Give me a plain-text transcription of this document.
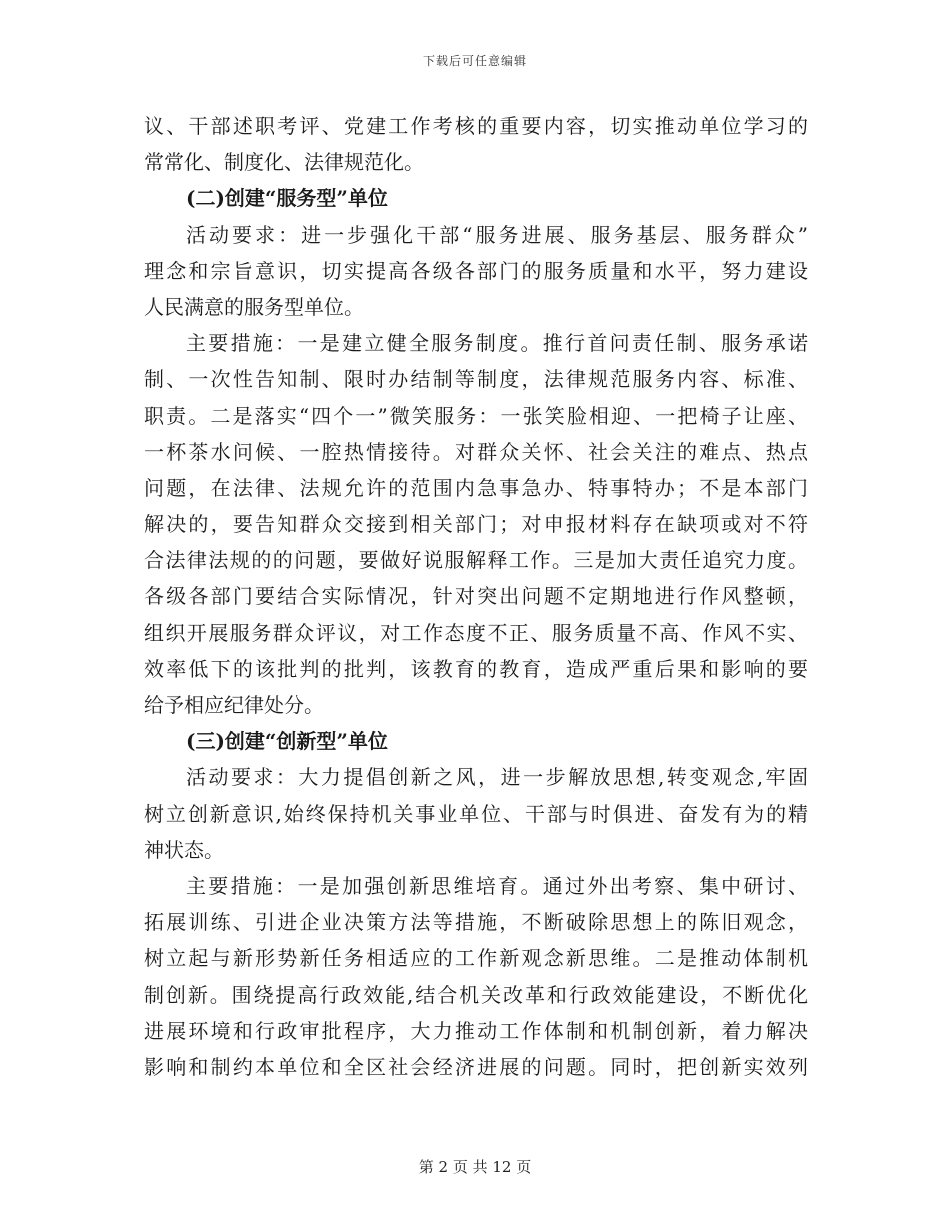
下载后可任意编辑
议、干部述职考评、党建工作考核的重要内容，切实推动单位学习的
常常化、制度化、法律规范化。
(二)创建“服务型”单位
活动要求：进一步强化干部“服务进展、服务基层、服务群众”
理念和宗旨意识，切实提高各级各部门的服务质量和水平，努力建设
人民满意的服务型单位。
主要措施：一是建立健全服务制度。推行首问责任制、服务承诺
制、一次性告知制、限时办结制等制度，法律规范服务内容、标准、
职责。二是落实“四个一”微笑服务：一张笑脸相迎、一把椅子让座、
一杯茶水问候、一腔热情接待。对群众关怀、社会关注的难点、热点
问题，在法律、法规允许的范围内急事急办、特事特办；不是本部门
解决的，要告知群众交接到相关部门；对申报材料存在缺项或对不符
合法律法规的的问题，要做好说服解释工作。三是加大责任追究力度。
各级各部门要结合实际情况，针对突出问题不定期地进行作风整顿，
组织开展服务群众评议，对工作态度不正、服务质量不高、作风不实、
效率低下的该批判的批判，该教育的教育，造成严重后果和影响的要
给予相应纪律处分。
(三)创建“创新型”单位
活动要求：大力提倡创新之风，进一步解放思想,转变观念,牢固
树立创新意识,始终保持机关事业单位、干部与时俱进、奋发有为的精
神状态。
主要措施：一是加强创新思维培育。通过外出考察、集中研讨、
拓展训练、引进企业决策方法等措施，不断破除思想上的陈旧观念，
树立起与新形势新任务相适应的工作新观念新思维。二是推动体制机
制创新。围绕提高行政效能,结合机关改革和行政效能建设，不断优化
进展环境和行政审批程序，大力推动工作体制和机制创新，着力解决
影响和制约本单位和全区社会经济进展的问题。同时，把创新实效列
第 2 页 共 12 页
